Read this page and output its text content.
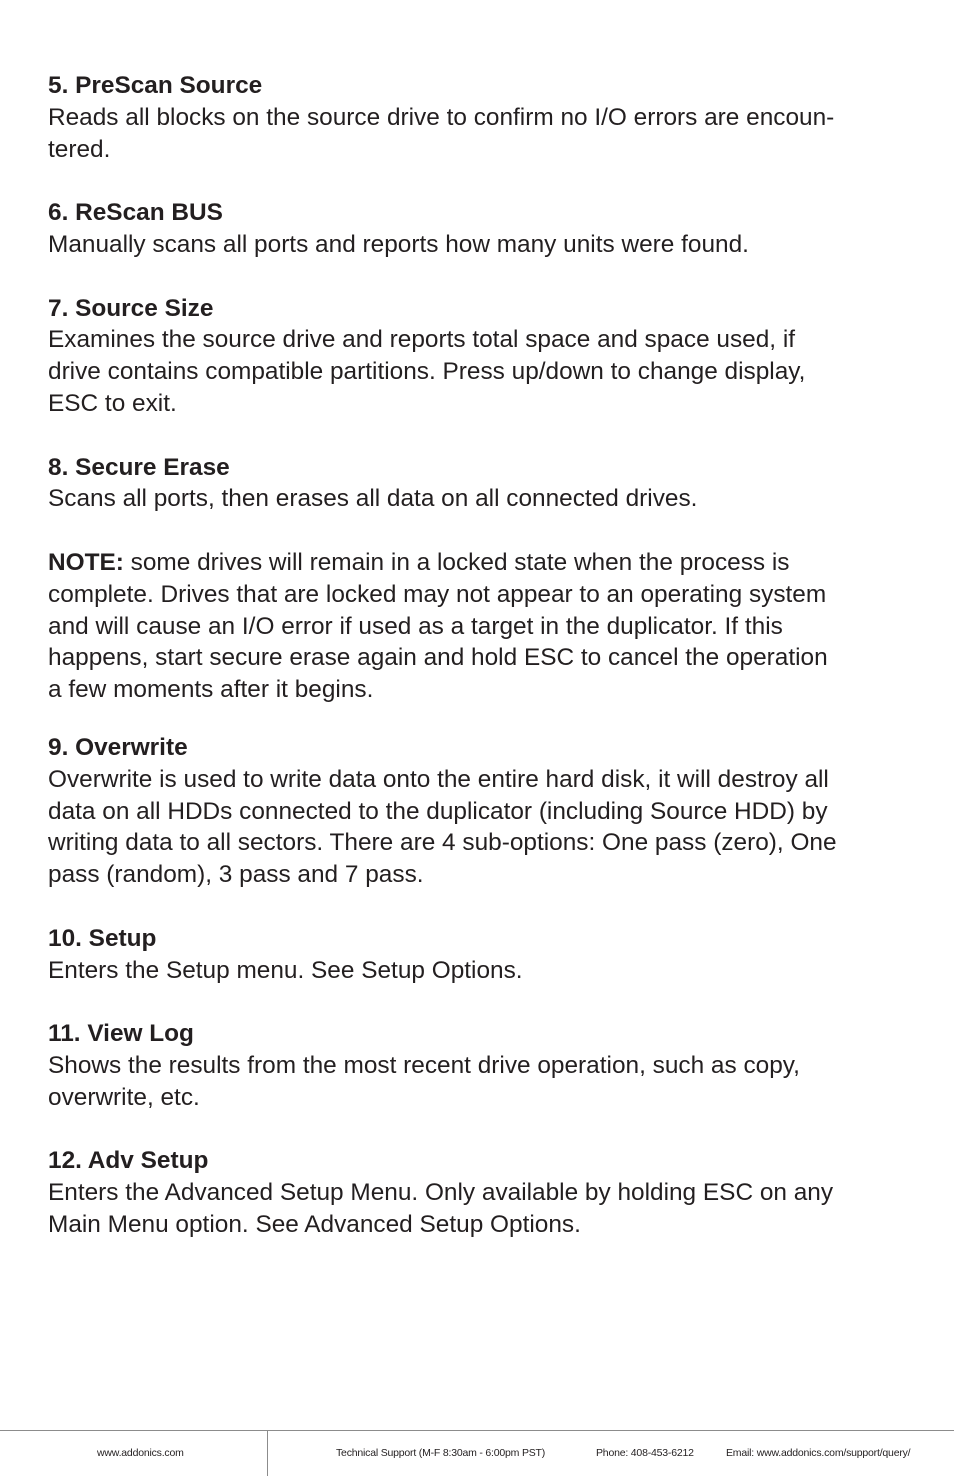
5. PreScan Source
Reads all blocks on the source drive to confirm no I/O errors are encoun-
tered.
6. ReScan BUS
Manually scans all ports and reports how many units were found.
7. Source Size
Examines the source drive and reports total space and space used, if
drive contains compatible partitions. Press up/down to change display,
ESC to exit.
8. Secure Erase
Scans all ports, then erases all data on all connected drives.
NOTE: some drives will remain in a locked state when the process is
complete. Drives that are locked may not appear to an operating system
and will cause an I/O error if used as a target in the duplicator. If this
happens, start secure erase again and hold ESC to cancel the operation
a few moments after it begins.
9. Overwrite
Overwrite is used to write data onto the entire hard disk, it will destroy all
data on all HDDs connected to the duplicator (including Source HDD) by
writing data to all sectors. There are 4 sub-options: One pass (zero), One
pass (random), 3 pass and 7 pass.
10. Setup
Enters the Setup menu. See Setup Options.
11. View Log
Shows the results from the most recent drive operation, such as copy,
overwrite, etc.
12. Adv Setup
Enters the Advanced Setup Menu. Only available by holding ESC on any
Main Menu option. See Advanced Setup Options.
www.addonics.com	Technical Support (M-F 8:30am - 6:00pm PST)	Phone: 408-453-6212	Email: www.addonics.com/support/query/
